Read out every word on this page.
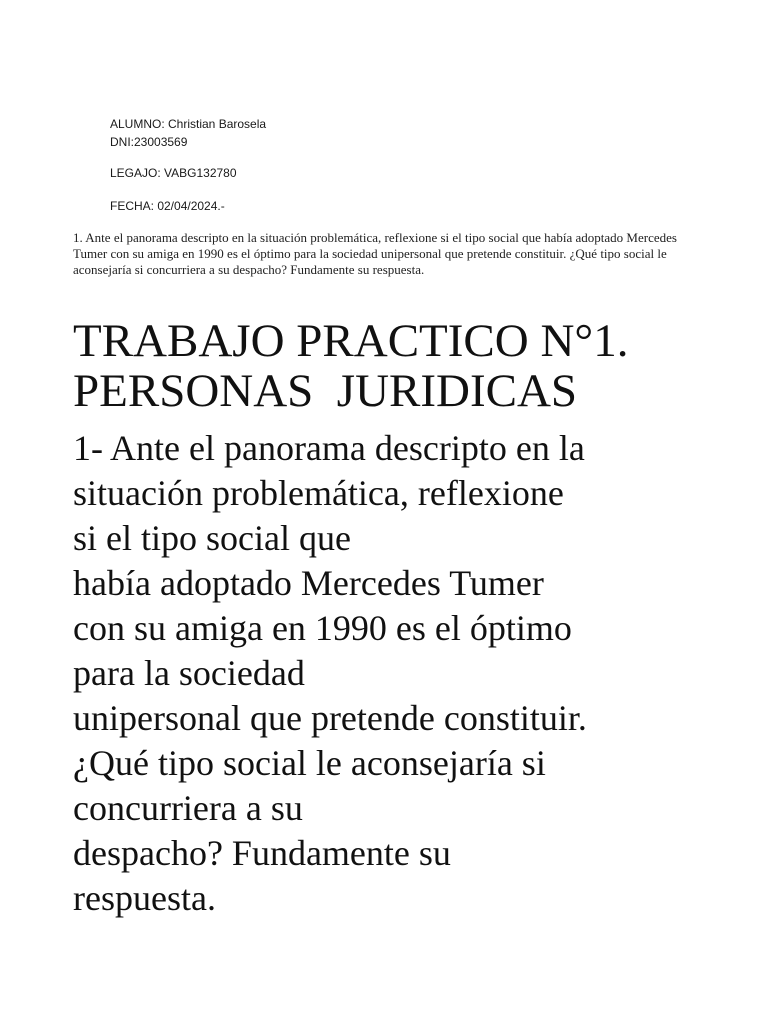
ALUMNO: Christian Barosela
DNI:23003569
LEGAJO: VABG132780
FECHA: 02/04/2024.-
1. Ante el panorama descripto en la situación problemática, reflexione si el tipo social que había adoptado Mercedes Tumer con su amiga en 1990 es el óptimo para la sociedad unipersonal que pretende constituir. ¿Qué tipo social le aconsejaría si concurriera a su despacho? Fundamente su respuesta.
TRABAJO PRACTICO N°1.
PERSONAS  JURIDICAS
1- Ante el panorama descripto en la
situación problemática, reflexione
si el tipo social que
había adoptado Mercedes Tumer
con su amiga en 1990 es el óptimo
para la sociedad
unipersonal que pretende constituir.
¿Qué tipo social le aconsejaría si
concurriera a su
despacho? Fundamente su
respuesta.
